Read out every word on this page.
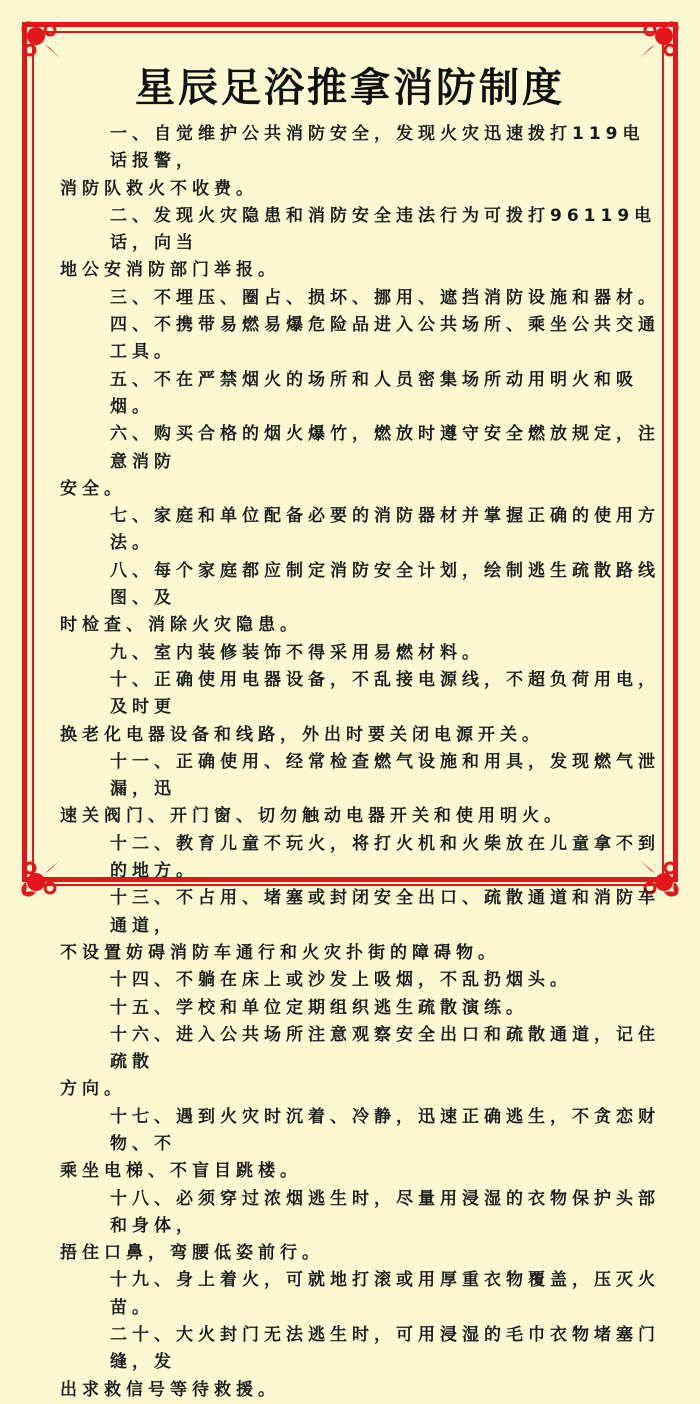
星辰足浴推拿消防制度
一、自觉维护公共消防安全，发现火灾迅速拨打119电话报警，
消防队救火不收费。
二、发现火灾隐患和消防安全违法行为可拨打96119电话，向当
地公安消防部门举报。
三、不埋压、圈占、损坏、挪用、遮挡消防设施和器材。
四、不携带易燃易爆危险品进入公共场所、乘坐公共交通工具。
五、不在严禁烟火的场所和人员密集场所动用明火和吸烟。
六、购买合格的烟火爆竹，燃放时遵守安全燃放规定，注意消防
安全。
七、家庭和单位配备必要的消防器材并掌握正确的使用方法。
八、每个家庭都应制定消防安全计划，绘制逃生疏散路线图、及
时检查、消除火灾隐患。
九、室内装修装饰不得采用易燃材料。
十、正确使用电器设备，不乱接电源线，不超负荷用电，及时更
换老化电器设备和线路，外出时要关闭电源开关。
十一、正确使用、经常检查燃气设施和用具，发现燃气泄漏，迅
速关阀门、开门窗、切勿触动电器开关和使用明火。
十二、教育儿童不玩火，将打火机和火柴放在儿童拿不到的地方。
十三、不占用、堵塞或封闭安全出口、疏散通道和消防车通道，
不设置妨碍消防车通行和火灾扑街的障碍物。
十四、不躺在床上或沙发上吸烟，不乱扔烟头。
十五、学校和单位定期组织逃生疏散演练。
十六、进入公共场所注意观察安全出口和疏散通道，记住疏散
方向。
十七、遇到火灾时沉着、冷静，迅速正确逃生，不贪恋财物、不
乘坐电梯、不盲目跳楼。
十八、必须穿过浓烟逃生时，尽量用浸湿的衣物保护头部和身体，
捂住口鼻，弯腰低姿前行。
十九、身上着火，可就地打滚或用厚重衣物覆盖，压灭火苗。
二十、大火封门无法逃生时，可用浸湿的毛巾衣物堵塞门缝，发
出求救信号等待救援。
